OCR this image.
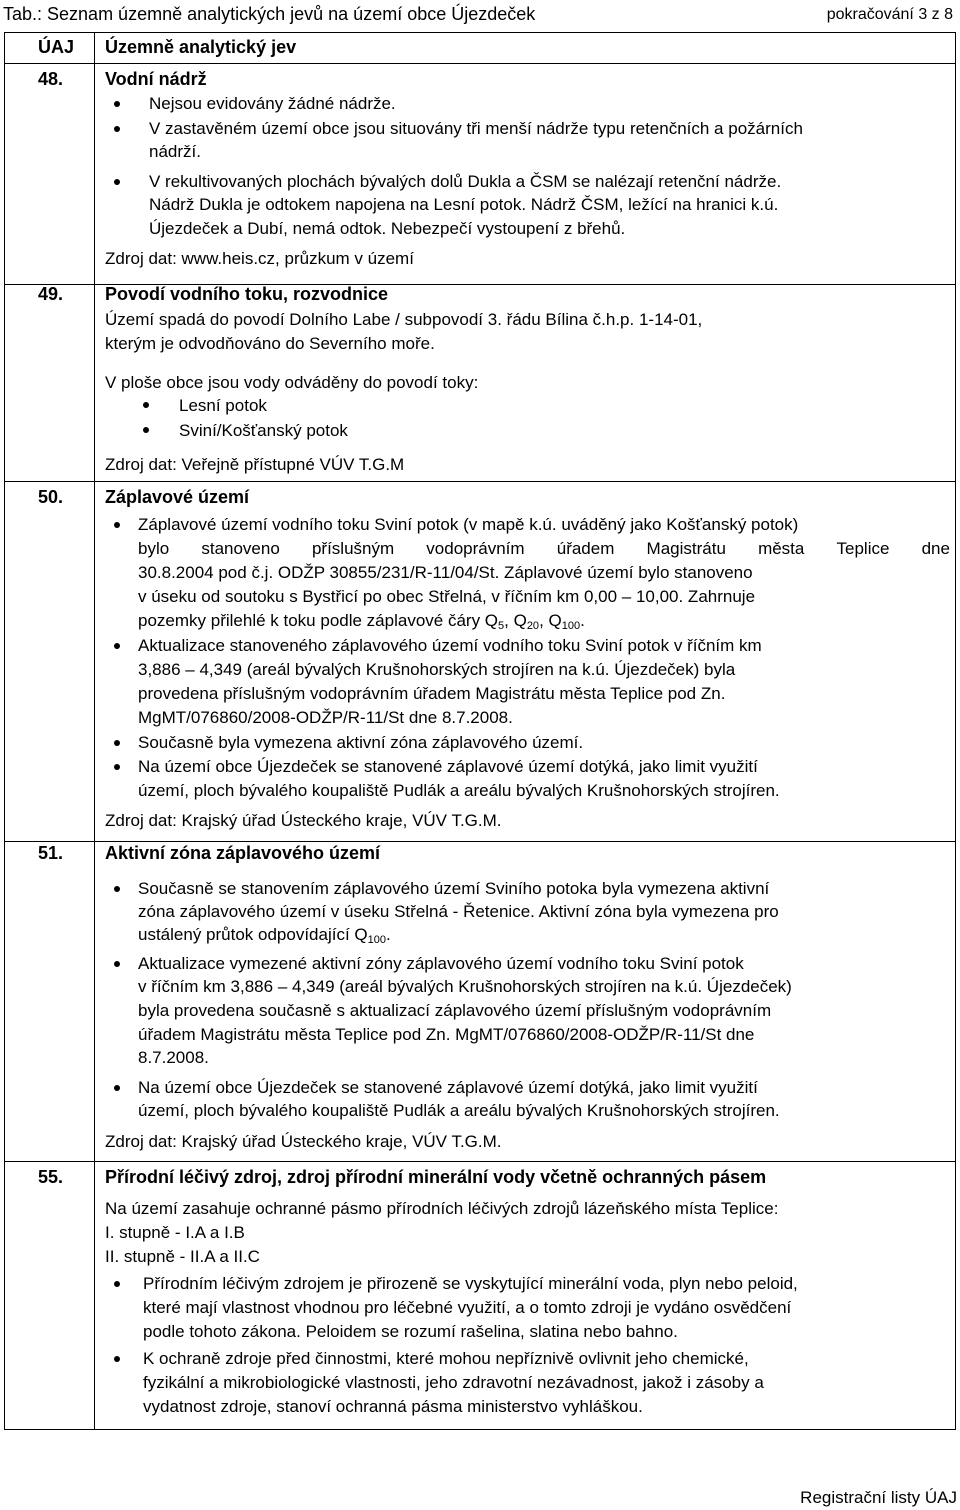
Tab.: Seznam územně analytických jevů na území obce Újezdeček	pokračování 3 z 8
ÚAJ Územně analytický jev
48. Vodní nádrž
Nejsou evidovány žádné nádrže.
V zastavěném území obce jsou situovány tři menší nádrže typu retenčních a požárních
nádrží.
V rekultivovaných plochách bývalých dolů Dukla a ČSM se nalézají retenční nádrže.
Nádrž Dukla je odtokem napojena na Lesní potok. Nádrž ČSM, ležící na hranici k.ú.
Újezdeček a Dubí, nemá odtok. Nebezpečí vystoupení z břehů.
Zdroj dat: www.heis.cz, průzkum v území
49. Povodí vodního toku, rozvodnice
Území spadá do povodí Dolního Labe / subpovodí 3. řádu Bílina č.h.p. 1-14-01,
kterým je odvodňováno do Severního moře.
V ploše obce jsou vody odváděny do povodí toky:
Lesní potok
Sviní/Košťanský potok
Zdroj dat: Veřejně přístupné VÚV T.G.M
50. Záplavové území
Záplavové území vodního toku Sviní potok (v mapě k.ú. uváděný jako Košťanský potok)
bylo stanoveno příslušným vodoprávním úřadem Magistrátu města Teplice dne
30.8.2004 pod č.j. ODŽP 30855/231/R-11/04/St. Záplavové území bylo stanoveno
v úseku od soutoku s Bystřicí po obec Střelná, v říčním km 0,00 – 10,00. Zahrnuje
pozemky přilehlé k toku podle záplavové čáry $Q_5$, $Q_{20}$, $Q_{100}$.
Aktualizace stanoveného záplavového území vodního toku Sviní potok v říčním km
3,886 – 4,349 (areál bývalých Krušnohorských strojíren na k.ú. Újezdeček) byla
provedena příslušným vodoprávním úřadem Magistrátu města Teplice pod Zn.
MgMT/076860/2008-ODŽP/R-11/St dne 8.7.2008.
Současně byla vymezena aktivní zóna záplavového území.
Na území obce Újezdeček se stanovené záplavové území dotýká, jako limit využití
území, ploch bývalého koupaliště Pudlák a areálu bývalých Krušnohorských strojíren.
Zdroj dat: Krajský úřad Ústeckého kraje, VÚV T.G.M.
51. Aktivní zóna záplavového území
Současně se stanovením záplavového území Sviního potoka byla vymezena aktivní
zóna záplavového území v úseku Střelná - Řetenice. Aktivní zóna byla vymezena pro
ustálený průtok odpovídající $Q_{100}$.
Aktualizace vymezené aktivní zóny záplavového území vodního toku Sviní potok
v říčním km 3,886 – 4,349 (areál bývalých Krušnohorských strojíren na k.ú. Újezdeček)
byla provedena současně s aktualizací záplavového území příslušným vodoprávním
úřadem Magistrátu města Teplice pod Zn. MgMT/076860/2008-ODŽP/R-11/St dne
8.7.2008.
Na území obce Újezdeček se stanovené záplavové území dotýká, jako limit využití
území, ploch bývalého koupaliště Pudlák a areálu bývalých Krušnohorských strojíren.
Zdroj dat: Krajský úřad Ústeckého kraje, VÚV T.G.M.
55. Přírodní léčivý zdroj, zdroj přírodní minerální vody včetně ochranných pásem
Na území zasahuje ochranné pásmo přírodních léčivých zdrojů lázeňského místa Teplice:
I. stupně - I.A a I.B
II. stupně - II.A a II.C
Přírodním léčivým zdrojem je přirozeně se vyskytující minerální voda, plyn nebo peloid,
které mají vlastnost vhodnou pro léčebné využití, a o tomto zdroji je vydáno osvědčení
podle tohoto zákona. Peloidem se rozumí rašelina, slatina nebo bahno.
K ochraně zdroje před činnostmi, které mohou nepříznivě ovlivnit jeho chemické,
fyzikální a mikrobiologické vlastnosti, jeho zdravotní nezávadnost, jakož i zásoby a
vydatnost zdroje, stanoví ochranná pásma ministerstvo vyhláškou.
Registrační listy ÚAJ
